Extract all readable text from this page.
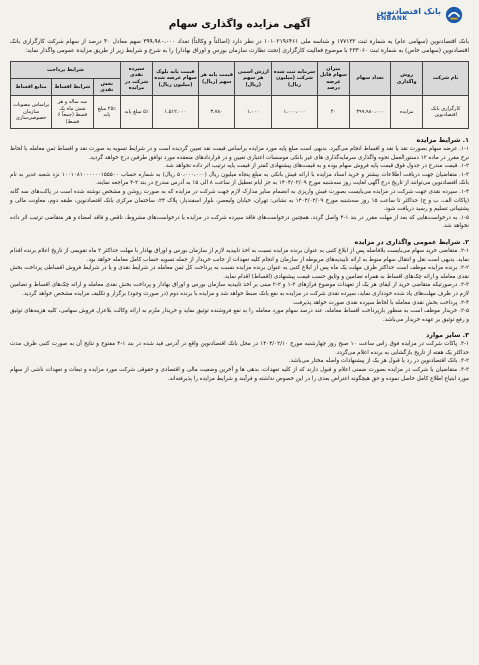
بانک اقتصادنوین
ENBANK
آگهی مزایده واگذاری سهام
بانک اقتصادنوین (سهامی عام) به شماره ثبت ۱۷۷۱۳۲ و شناسه ملی ۱۰۱۰۲۱۹۶۴۶۱ در نظر دارد (اصالتاً و وکالتاً) تعداد ۳۹۹،۹۸۰،۰۰۰ سهم معادل ۴۰ درصد از سهام شرکت کارگزاری بانک اقتصادنوین (سهامی خاص) به شماره ثبت ۲۳۳۰۶۰ با موضوع فعالیت کارگزاری (تحت نظارت سازمان بورس و اوراق بهادار) را به شرح و شرایط زیر از طریق مزایده عمومی واگذار نماید:
نام شرکت	روش واگذاری	تعداد سهام	میزان سهام قابل عرضه درصد	سرمایه ثبت شده شرکت (میلیون ریال)	ارزش اسمی هر سهم (ریال)	قیمت پایه هر سهم (ریال)	قیمت پایه بلوک سهام عرضه شده (میلیون ریال)	سپرده نقدی شرکت در مزایده	شرایط پرداخت		
									بخش نقدی	شرایط اقساط	منابع اقساط
کارگزاری بانک اقتصادنوین	مزایده	۳۹۹،۹۸۰،۰۰۰	۴۰	۱،۰۰۰،۰۰۰	۱،۰۰۰	۳،۷۸۰	۱،۵۱۲،۰۰۰	۵٪ مبلغ پایه	۲۵٪ مبلغ پایه	سه ساله و هر شش ماه یک قسط (جمعاً ۶ قسط)	براساس مصوبات سازمان خصوصی‌سازی
۱. شرایط مزایده
۱-۱. عرضه سهام بصورت نقد یا نقد و اقساط انجام می‌گیرد. بدیهی است مبلغ پایه مورد مزایده براساس قیمت نقد تعیین گردیده است و در شرایط تسویه به صورت نقد و اقساط ثمن معامله با لحاظ نرخ مقرر در ماده ۱۲ دستورالعمل نحوه واگذاری سرمایه‌گذاری های غیر بانکی موسسات اعتباری تعیین و در قراردادهای منعقده مورد توافق طرفین درج خواهد گردید.
۱-۲. قیمت مندرج در جدول فوق قیمت پایه فروش سهام بوده و به قیمت‌های پیشنهادی کمتر از قیمت پایه ترتیب اثر داده نخواهد شد.
۱-۳. متقاضیان جهت دریافت اطلاعات بیشتر و خرید اسناد مزایده با ارائه فیش بانکی به مبلغ پنجاه میلیون ریال (۵۰،۰۰۰،۰۰۰ ریال) به شماره حساب ۱۰۰۱۰۸۱۰۰۰۰۰۰۱۵۵۵۰۰ نزد شعبه غدیر به نام بانک اقتصادنوین می‌توانند از تاریخ درج آگهی لغایت روز سه‌شنبه مورخ ۱۴۰۴/۰۲/۰۹ به جز ایام تعطیل از ساعت ۸ الی ۱۵ به آدرس مندرج در بند ۲-۴ مراجعه نمایند.
۱-۴. سپرده نقدی جهت شرکت در مزایده می‌بایست بصورت فیش واریزی به انضمام سایر مدارک لازم جهت شرکت در مزایده که به صورت روشن و مشخص نوشته شده است در پاکت‌های سه گانه (پاکات الف، ب و ج) حداکثر تا ساعت ۱۵ روز سه‌شنبه مورخ ۱۴۰۴/۰۲/۰۹ به نشانی: تهران، خیابان ولیعصر، بلوار اسفندیار، پلاک ۲۴، ساختمان مرکزی بانک اقتصادنوین، طبقه دوم، معاونت مالی و پشتیبانی تسلیم و رسید دریافت شود.
۱-۵. به درخواست‌هایی که بعد از مهلت مقرر در بند ۱-۴ واصل گردد، همچنین درخواست‌های فاقد سپرده شرکت در مزایده یا درخواست‌های مشروط، ناقص و فاقد امضاء و هر متقاضی ترتیب اثر داده نخواهد شد.
۲. شرایط عمومی واگذاری در مزایده
۲-۱. متقاضی خرید سهام می‌بایست بلافاصله پس از ابلاغ کتبی به عنوان برنده مزایده نسبت به اخذ تاییدیه لازم از سازمان بورس و اوراق بهادار با مهلت حداکثر ۲ ماه تقویمی از تاریخ اعلام برنده اقدام نماید. بدیهی است نقل و انتقال سهام منوط به ارائه تاییدیه‌های مربوطه از سازمان و انجام کلیه تعهدات از جانب خریدار از جمله تسویه حساب کامل معامله خواهد بود.
۲-۲. برنده مزایده موظف است حداکثر ظرف مهلت یک ماه پس از ابلاغ کتبی به عنوان برنده مزایده نسبت به پرداخت کل ثمن معامله در شرایط نقدی و یا در شرایط فروش اقساطی پرداخت بخش نقدی معامله و ارائه چک‌های اقساط به همراه تضامین و وثایق حسب قیمت پیشنهادی (اقساط) اقدام نماید.
۲-۳. درصورتیکه متقاضی خرید از ایفای هر یک از تعهدات موضوع فرازهای ۲-۱ و ۲-۲ مبنی بر اخذ تاییدیه سازمان بورس و اوراق بهادار و پرداخت بخش نقدی معامله و ارائه چک‌های اقساط و تضامین لازم در ظرف مهلت‌های یاد شده خودداری نماید، سپرده نقدی شرکت در مزایده به نفع بانک ضبط خواهد شد و مزایده با برنده دوم (در صورت وجود) برگزار و تکلیف مزایده مشخص خواهد گردید.
۲-۴. پرداخت بخش نقدی معامله با لحاظ سپرده نقدی صورت خواهد پذیرفت.
۲-۵. خریدار موظف است به منظور بازپرداخت اقساط معامله، عند درصد سهام مورد معامله را به نفع فروشنده توثیق نماید و خریدار ملزم به ارائه وکالت بلاعزل فروش سهامی، کلیه هزینه‌های توثیق و رفع توثیق بر عهده خریدار می‌باشد.
۳. سایر موارد
۳-۱. پاکات شرکت در مزایده فوق راس ساعت ۱۰ صبح روز چهارشنبه مورخ ۱۴۰۴/۰۲/۱۰ در محل بانک اقتصادنوین واقع در آدرس قید شده در بند ۱-۴ مفتوح و نتایج آن به صورت کتبی ظرف مدت حداکثر یک هفته از تاریخ بازگشایی به برنده اعلام می‌گردد.
۳-۲. بانک اقتصادنوین در رد یا قبول هر یک از پیشنهادات واصله مختار می‌باشد.
۳-۳. متقاضیان با شرکت در مزایده بصورت ضمنی اعلام و قبول دارند که از کلیه تعهدات، بدهی ها و آخرین وضعیت مالی و اقتصادی و حقوقی شرکت مورد مزایده و تبعات و تعهدات ناشی از سهام مورد ابتیاع اطلاع کامل حاصل نموده و حق هیچگونه اعتراض بعدی را در این خصوص نداشته و فرآیند و شرایط مزایده را پذیرفته‌اند.
